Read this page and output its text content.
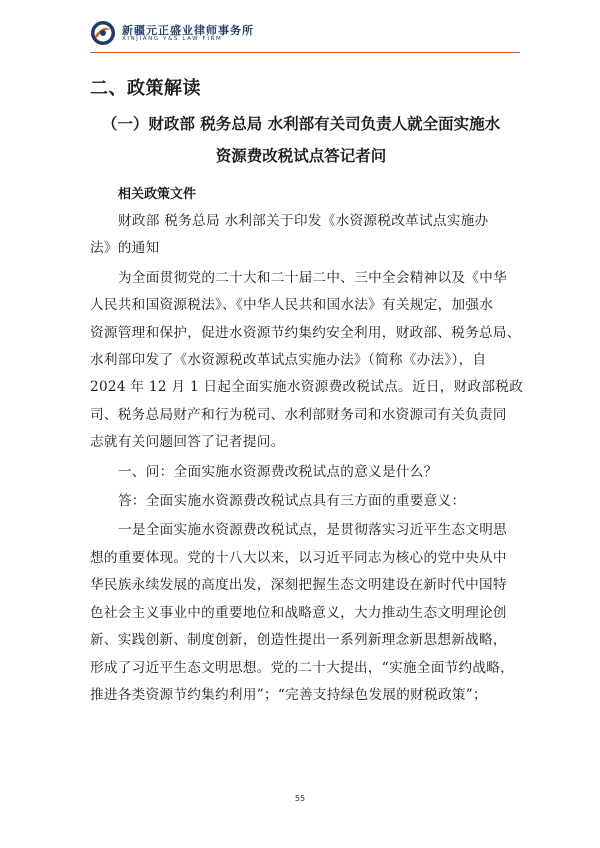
新疆元正盛业律师事务所
XINJIANG Y&S LAW FIRM
二、政策解读
（一）财政部 税务总局 水利部有关司负责人就全面实施水
资源费改税试点答记者问

相关政策文件

财政部 税务总局 水利部关于印发《水资源税改革试点实施办
法》的通知

为全面贯彻党的二十大和二十届二中、三中全会精神以及《中华
人民共和国资源税法》、《中华人民共和国水法》有关规定，加强水
资源管理和保护，促进水资源节约集约安全利用，财政部、税务总局、
水利部印发了《水资源税改革试点实施办法》（简称《办法》），自
2024 年 12 月 1 日起全面实施水资源费改税试点。近日，财政部税政
司、税务总局财产和行为税司、水利部财务司和水资源司有关负责同
志就有关问题回答了记者提问。

一、问：全面实施水资源费改税试点的意义是什么？

答：全面实施水资源费改税试点具有三方面的重要意义：

一是全面实施水资源费改税试点，是贯彻落实习近平生态文明思
想的重要体现。党的十八大以来，以习近平同志为核心的党中央从中
华民族永续发展的高度出发，深刻把握生态文明建设在新时代中国特
色社会主义事业中的重要地位和战略意义，大力推动生态文明理论创
新、实践创新、制度创新，创造性提出一系列新理念新思想新战略，
形成了习近平生态文明思想。党的二十大提出，“实施全面节约战略，
推进各类资源节约集约利用”；“完善支持绿色发展的财税政策”；

55
